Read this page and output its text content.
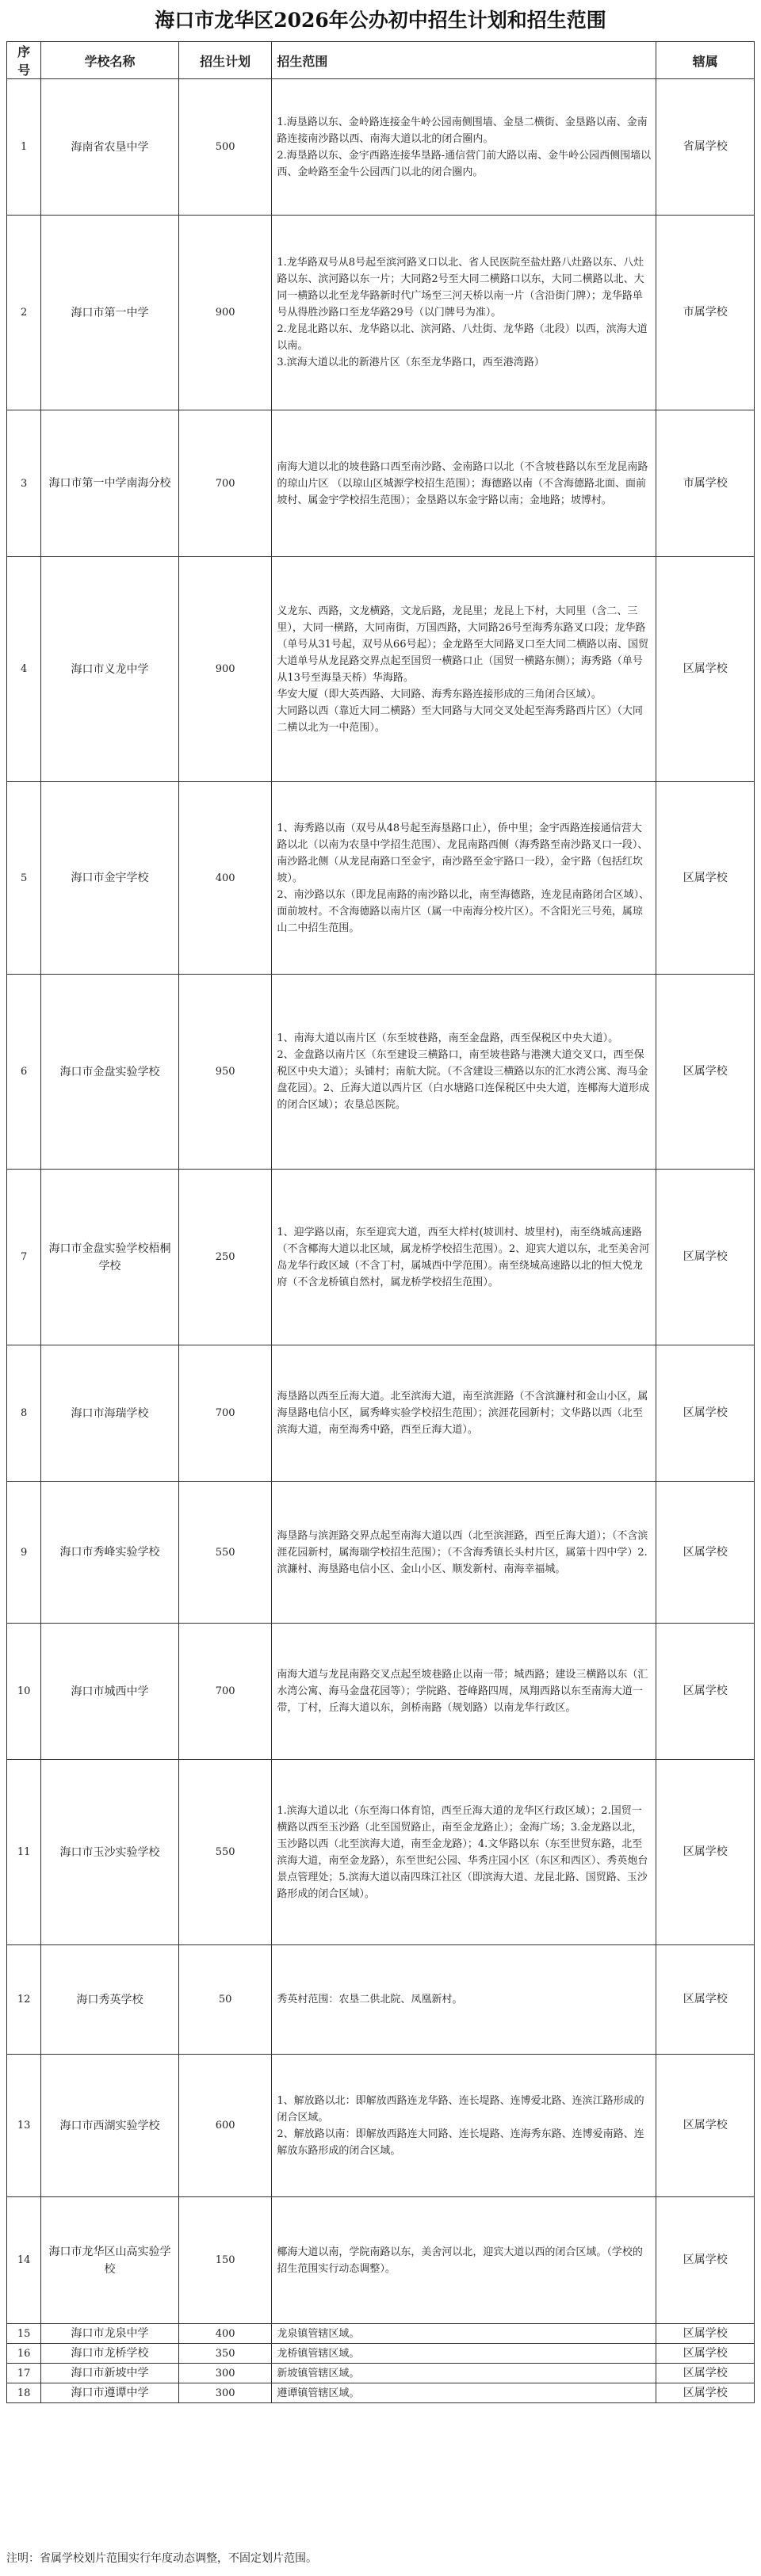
海口市龙华区2026年公办初中招生计划和招生范围
序号	学校名称	招生计划	招生范围	辖属
1	海南省农垦中学	500	1.海垦路以东、金岭路连接金牛岭公园南侧围墙、金垦二横街、金垦路以南、金南路连接南沙路以西、南海大道以北的闭合圈内。
2.海垦路以东、金宇西路连接华垦路-通信营门前大路以南、金牛岭公园西侧围墙以西、金岭路至金牛公园西门以北的闭合圈内。	省属学校
2	海口市第一中学	900	1.龙华路双号从8号起至滨河路叉口以北、省人民医院至盐灶路八灶路以东、八灶路以东、滨河路以东一片；大同路2号至大同二横路口以东，大同二横路以北、大同一横路以北至龙华路新时代广场至三河天桥以南一片（含沿街门牌）；龙华路单号从得胜沙路口至龙华路29号（以门牌号为准）。
2.龙昆北路以东、龙华路以北、滨河路、八灶街、龙华路（北段）以西，滨海大道以南。
3.滨海大道以北的新港片区（东至龙华路口，西至港湾路）	市属学校
3	海口市第一中学南海分校	700	南海大道以北的坡巷路口西至南沙路、金南路口以北（不含坡巷路以东至龙昆南路的琼山片区 （以琼山区城源学校招生范围）；海德路以南（不含海德路北面、面前坡村、属金宇学校招生范围）；金垦路以东金宇路以南；金地路；坡博村。	市属学校
4	海口市义龙中学	900	义龙东、西路，文龙横路，文龙后路，龙昆里；龙昆上下村，大同里（含二、三里），大同一横路，大同南街，万国西路，大同路26号至海秀东路叉口段；龙华路（单号从31号起，双号从66号起）；金龙路至大同路叉口至大同二横路以南、国贸大道单号从龙昆路交界点起至国贸一横路口止（国贸一横路东侧）；海秀路（单号从13号至海垦天桥）华海路。
华安大厦（即大英西路、大同路、海秀东路连接形成的三角闭合区域）。
大同路以西（靠近大同二横路）至大同路与大同交叉处起至海秀路西片区）（大同二横以北为一中范围）。	区属学校
5	海口市金宇学校	400	1、海秀路以南（双号从48号起至海垦路口止），侨中里；金宇西路连接通信营大路以北（以南为农垦中学招生范围）、龙昆南路西侧（海秀路至南沙路叉口一段）、南沙路北侧（从龙昆南路口至金宇，南沙路至金宇路口一段），金宇路（包括红坎坡）。
2、南沙路以东（即龙昆南路的南沙路以北，南至海德路，连龙昆南路闭合区域）、面前坡村。不含海德路以南片区（属一中南海分校片区）。不含阳光三号苑，属琼山二中招生范围。	区属学校
6	海口市金盘实验学校	950	1、南海大道以南片区（东至坡巷路，南至金盘路，西至保税区中央大道）。
2、金盘路以南片区（东至建设三横路口，南至坡巷路与港澳大道交叉口，西至保税区中央大道）；头铺村；南航大院。（不含建设三横路以东的汇水湾公寓、海马金盘花园）。2、丘海大道以西片区（白水塘路口连保税区中央大道，连椰海大道形成的闭合区域）；农垦总医院。	区属学校
7	海口市金盘实验学校梧桐学校	250	1、迎学路以南，东至迎宾大道，西至大样村(坡训村、坡里村)，南至绕城高速路（不含椰海大道以北区域，属龙桥学校招生范围）。2、迎宾大道以东，北至美舍河岛龙华行政区域（不含丁村，属城西中学范围）。南至绕城高速路以北的恒大悦龙府（不含龙桥镇自然村，属龙桥学校招生范围）。	区属学校
8	海口市海瑞学校	700	海垦路以西至丘海大道。北至滨海大道，南至滨涯路（不含滨濂村和金山小区，属海垦路电信小区，属秀峰实验学校招生范围）；滨涯花园新村；文华路以西（北至滨海大道，南至海秀中路，西至丘海大道）。	区属学校
9	海口市秀峰实验学校	550	海垦路与滨涯路交界点起至南海大道以西（北至滨涯路，西至丘海大道）；（不含滨涯花园新村，属海瑞学校招生范围）；（不含海秀镇长头村片区，属第十四中学）2.滨濂村、海垦路电信小区、金山小区、顺发新村、南海幸福城。	区属学校
10	海口市城西中学	700	南海大道与龙昆南路交叉点起至坡巷路止以南一带；城西路；建设三横路以东（汇水湾公寓、海马金盘花园等）；学院路、苍峰路四周，凤翔西路以东至南海大道一带，丁村，丘海大道以东，剑桥南路（规划路）以南龙华行政区。	区属学校
11	海口市玉沙实验学校	550	1.滨海大道以北（东至海口体育馆，西至丘海大道的龙华区行政区域）；2.国贸一横路以西至玉沙路（北至国贸路止，南至金龙路止）；金海广场；3.金龙路以北，玉沙路以西（北至滨海大道，南至金龙路）；4.文华路以东（东至世贸东路，北至滨海大道，南至金龙路），东至世纪公园、华秀庄园小区（东区和西区）、秀英炮台景点管理处；5.滨海大道以南四珠江社区（即滨海大道、龙昆北路、国贸路、玉沙路形成的闭合区域）。	区属学校
12	海口秀英学校	50	秀英村范围：农垦二供北院、凤凰新村。	区属学校
13	海口市西湖实验学校	600	1、解放路以北：即解放西路连龙华路、连长堤路、连博爱北路、连滨江路形成的闭合区域。
2、解放路以南：即解放西路连大同路、连长堤路、连海秀东路、连博爱南路、连解放东路形成的闭合区域。	区属学校
14	海口市龙华区山高实验学校	150	椰海大道以南，学院南路以东，美舍河以北，迎宾大道以西的闭合区域。（学校的招生范围实行动态调整）。	区属学校
15	海口市龙泉中学	400	龙泉镇管辖区域。	区属学校
16	海口市龙桥学校	350	龙桥镇管辖区域。	区属学校
17	海口市新坡中学	300	新坡镇管辖区域。	区属学校
18	海口市遵谭中学	300	遵谭镇管辖区域。	区属学校
注明：省属学校划片范围实行年度动态调整，不固定划片范围。
